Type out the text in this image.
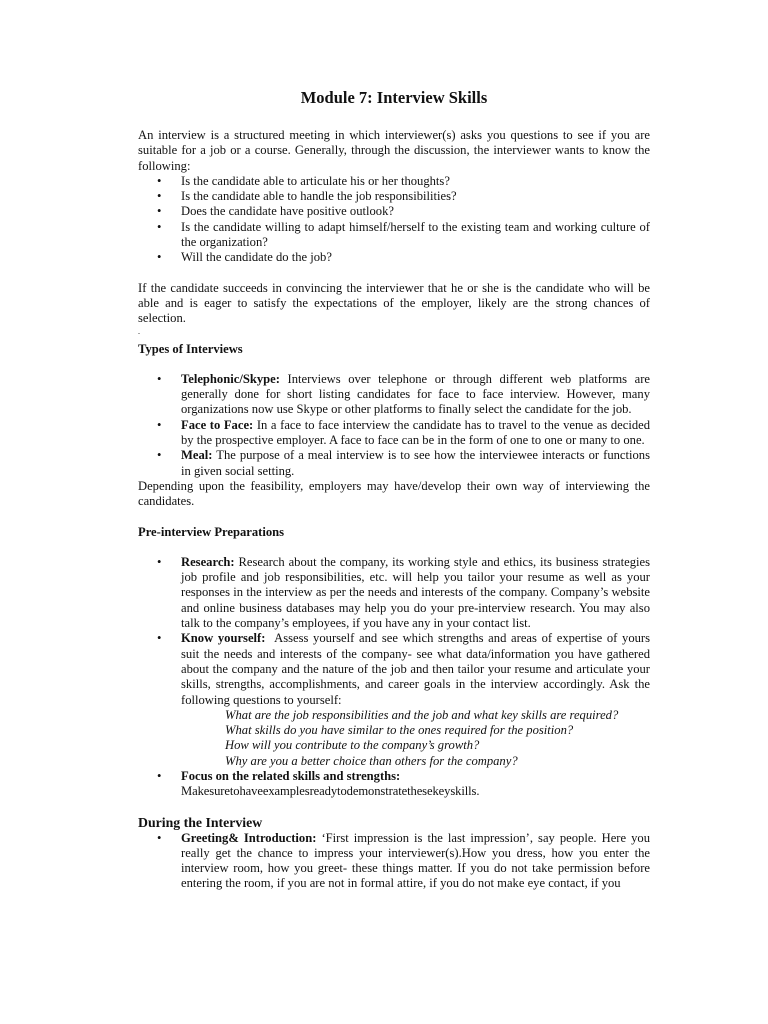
Module 7: Interview Skills

An interview is a structured meeting in which interviewer(s) asks you questions to see if you are suitable for a job or a course. Generally, through the discussion, the interviewer wants to know the following:

• Is the candidate able to articulate his or her thoughts?
• Is the candidate able to handle the job responsibilities?
• Does the candidate have positive outlook?
• Is the candidate willing to adapt himself/herself to the existing team and working culture of the organization?
• Will the candidate do the job?

If the candidate succeeds in convincing the interviewer that he or she is the candidate who will be able and is eager to satisfy the expectations of the employer, likely are the strong chances of selection.

.
Types of Interviews
• Telephonic/Skype: Interviews over telephone or through different web platforms are generally done for short listing candidates for face to face interview. However, many organizations now use Skype or other platforms to finally select the candidate for the job.
• Face to Face: In a face to face interview the candidate has to travel to the venue as decided by the prospective employer. A face to face can be in the form of one to one or many to one.
• Meal: The purpose of a meal interview is to see how the interviewee interacts or functions in given social setting.

Depending upon the feasibility, employers may have/develop their own way of interviewing the candidates.

Pre-interview Preparations
• Research: Research about the company, its working style and ethics, its business strategies job profile and job responsibilities, etc. will help you tailor your resume as well as your responses in the interview as per the needs and interests of the company. Company’s website and online business databases may help you do your pre-interview research. You may also talk to the company’s employees, if you have any in your contact list.
• Know yourself: Assess yourself and see which strengths and areas of expertise of yours suit the needs and interests of the company- see what data/information you have gathered about the company and the nature of the job and then tailor your resume and articulate your skills, strengths, accomplishments, and career goals in the interview accordingly. Ask the following questions to yourself:
What are the job responsibilities and the job and what key skills are required?
What skills do you have similar to the ones required for the position?
How will you contribute to the company’s growth?
Why are you a better choice than others for the company?
• Focus on the related skills and strengths:
Makesuretohaveexamplesreadytodemonstratethesekeyskills.
During the Interview
• Greeting& Introduction: ‘First impression is the last impression’, say people. Here you really get the chance to impress your interviewer(s).How you dress, how you enter the interview room, how you greet- these things matter. If you do not take permission before entering the room, if you are not in formal attire, if you do not make eye contact, if you
